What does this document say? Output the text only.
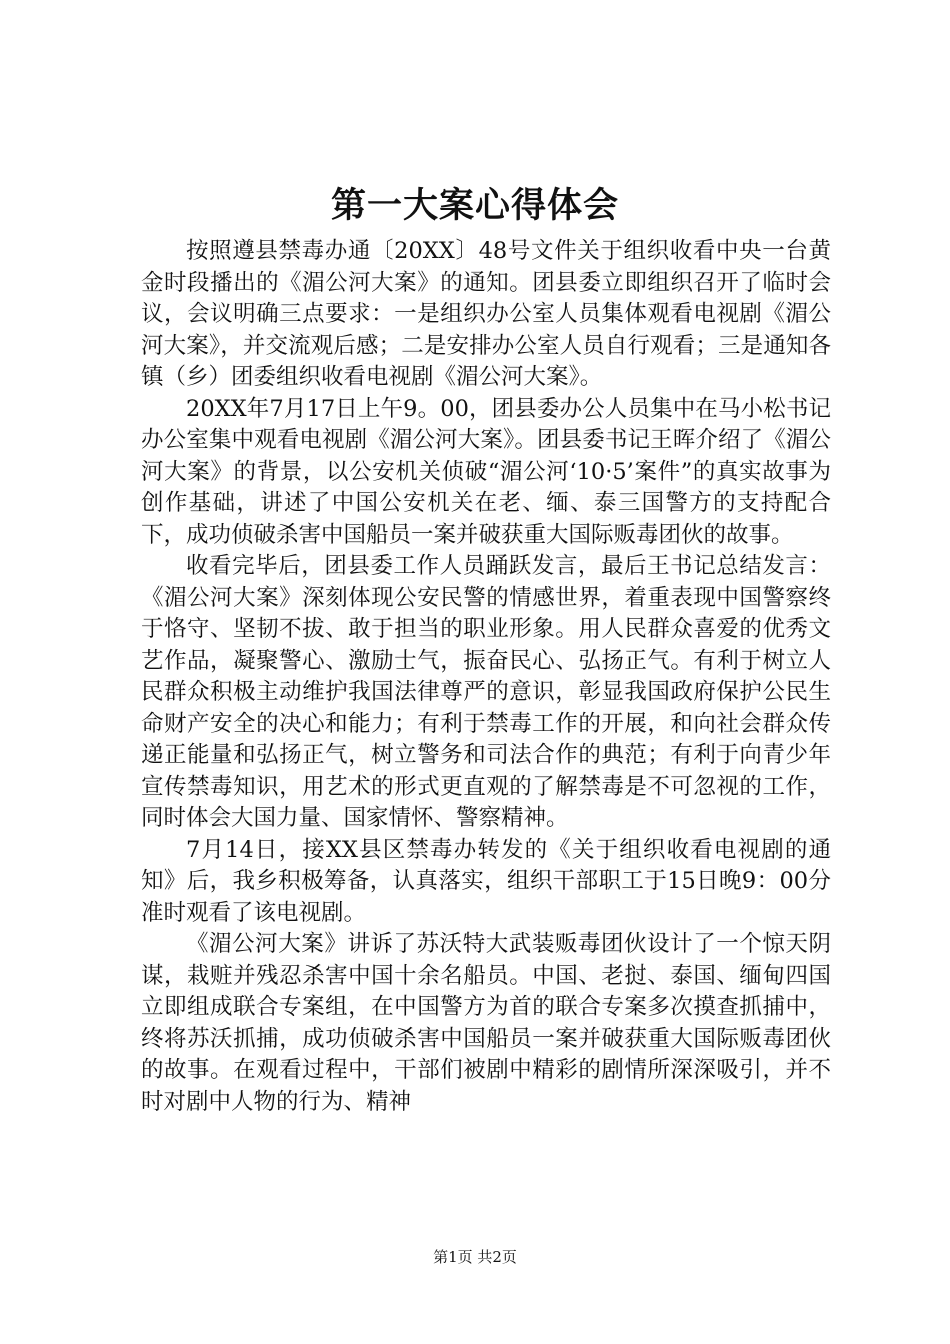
第一大案心得体会

按照遵县禁毒办通〔20XX〕48号文件关于组织收看中央一台黄金时段播出的《湄公河大案》的通知。团县委立即组织召开了临时会议，会议明确三点要求：一是组织办公室人员集体观看电视剧《湄公河大案》，并交流观后感；二是安排办公室人员自行观看；三是通知各镇（乡）团委组织收看电视剧《湄公河大案》。

20XX年7月17日上午9。00，团县委办公人员集中在马小松书记办公室集中观看电视剧《湄公河大案》。团县委书记王晖介绍了《湄公河大案》的背景，以公安机关侦破“湄公河‘10·5’案件”的真实故事为创作基础，讲述了中国公安机关在老、缅、泰三国警方的支持配合下，成功侦破杀害中国船员一案并破获重大国际贩毒团伙的故事。

收看完毕后，团县委工作人员踊跃发言，最后王书记总结发言：《湄公河大案》深刻体现公安民警的情感世界，着重表现中国警察终于恪守、坚韧不拔、敢于担当的职业形象。用人民群众喜爱的优秀文艺作品，凝聚警心、激励士气，振奋民心、弘扬正气。有利于树立人民群众积极主动维护我国法律尊严的意识，彰显我国政府保护公民生命财产安全的决心和能力；有利于禁毒工作的开展，和向社会群众传递正能量和弘扬正气，树立警务和司法合作的典范；有利于向青少年宣传禁毒知识，用艺术的形式更直观的了解禁毒是不可忽视的工作，同时体会大国力量、国家情怀、警察精神。

7月14日，接XX县区禁毒办转发的《关于组织收看电视剧的通知》后，我乡积极筹备，认真落实，组织干部职工于15日晚9：00分准时观看了该电视剧。

《湄公河大案》讲诉了苏沃特大武装贩毒团伙设计了一个惊天阴谋，栽赃并残忍杀害中国十余名船员。中国、老挝、泰国、缅甸四国立即组成联合专案组，在中国警方为首的联合专案多次摸查抓捕中，终将苏沃抓捕，成功侦破杀害中国船员一案并破获重大国际贩毒团伙的故事。在观看过程中，干部们被剧中精彩的剧情所深深吸引，并不时对剧中人物的行为、精神

第1页 共2页
